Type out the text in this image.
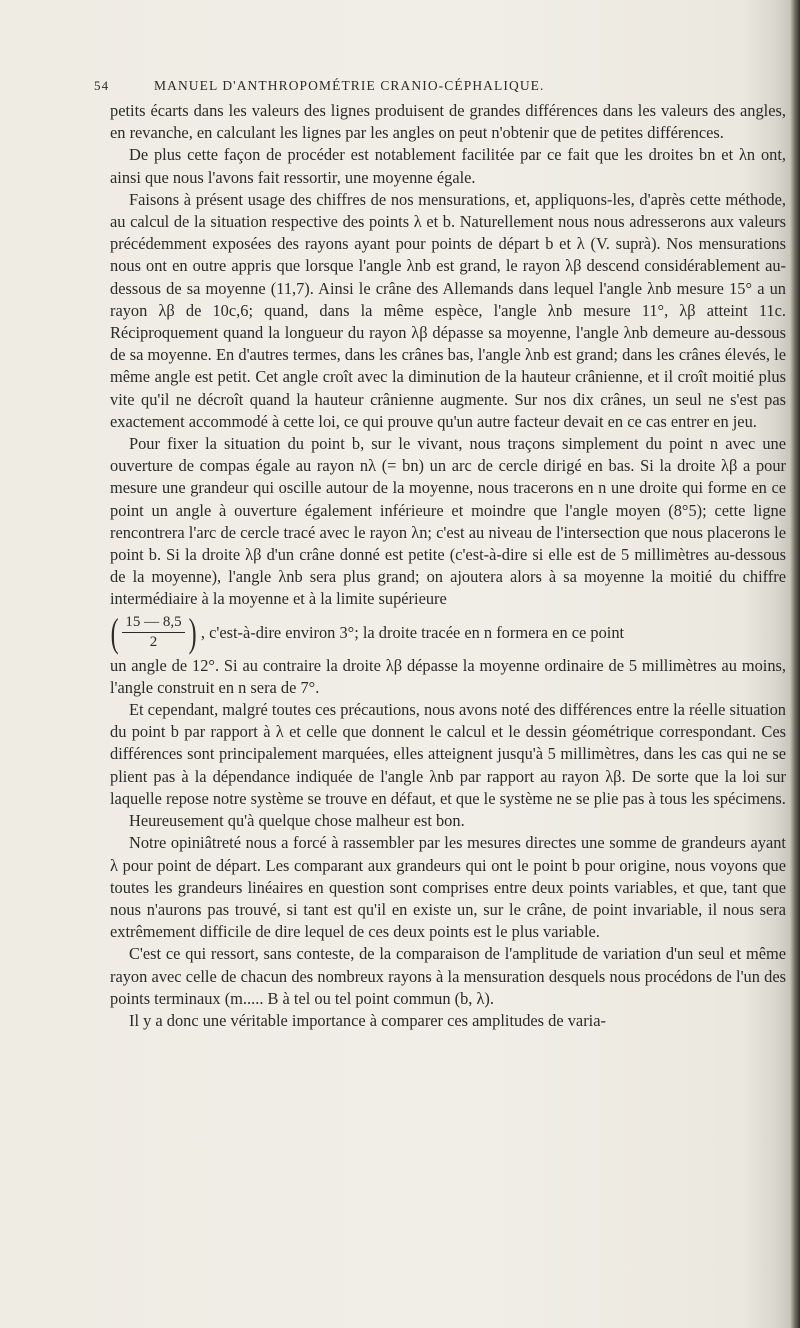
54	MANUEL D'ANTHROPOMÉTRIE CRANIO-CÉPHALIQUE.

petits écarts dans les valeurs des lignes produisent de grandes différences dans les valeurs des angles, en revanche, en calculant les lignes par les angles on peut n'obtenir que de petites différences.

De plus cette façon de procéder est notablement facilitée par ce fait que les droites bn et λn ont, ainsi que nous l'avons fait ressortir, une moyenne égale.

Faisons à présent usage des chiffres de nos mensurations, et, appliquons-les, d'après cette méthode, au calcul de la situation respective des points λ et b. Naturellement nous nous adresserons aux valeurs précédemment exposées des rayons ayant pour points de départ b et λ (V. suprà). Nos mensurations nous ont en outre appris que lorsque l'angle λnb est grand, le rayon λβ descend considérablement au-dessous de sa moyenne (11,7). Ainsi le crâne des Allemands dans lequel l'angle λnb mesure 15° a un rayon λβ de 10c,6; quand, dans la même espèce, l'angle λnb mesure 11°, λβ atteint 11c. Réciproquement quand la longueur du rayon λβ dépasse sa moyenne, l'angle λnb demeure au-dessous de sa moyenne. En d'autres termes, dans les crânes bas, l'angle λnb est grand; dans les crânes élevés, le même angle est petit. Cet angle croît avec la diminution de la hauteur crânienne, et il croît moitié plus vite qu'il ne décroît quand la hauteur crânienne augmente. Sur nos dix crânes, un seul ne s'est pas exactement accommodé à cette loi, ce qui prouve qu'un autre facteur devait en ce cas entrer en jeu.

Pour fixer la situation du point b, sur le vivant, nous traçons simplement du point n avec une ouverture de compas égale au rayon nλ (= bn) un arc de cercle dirigé en bas. Si la droite λβ a pour mesure une grandeur qui oscille autour de la moyenne, nous tracerons en n une droite qui forme en ce point un angle à ouverture également inférieure et moindre que l'angle moyen (8°5); cette ligne rencontrera l'arc de cercle tracé avec le rayon λn; c'est au niveau de l'intersection que nous placerons le point b. Si la droite λβ d'un crâne donné est petite (c'est-à-dire si elle est de 5 millimètres au-dessous de la moyenne), l'angle λnb sera plus grand; on ajoutera alors à sa moyenne la moitié du chiffre intermédiaire à la moyenne et à la limite supérieure

( $\frac{15 — 8,5}{2}$ ) , c'est-à-dire environ 3°; la droite tracée en n formera en ce point

un angle de 12°. Si au contraire la droite λβ dépasse la moyenne ordinaire de 5 millimètres au moins, l'angle construit en n sera de 7°.

Et cependant, malgré toutes ces précautions, nous avons noté des différences entre la réelle situation du point b par rapport à λ et celle que donnent le calcul et le dessin géométrique correspondant. Ces différences sont principalement marquées, elles atteignent jusqu'à 5 millimètres, dans les cas qui ne se plient pas à la dépendance indiquée de l'angle λnb par rapport au rayon λβ. De sorte que la loi sur laquelle repose notre système se trouve en défaut, et que le système ne se plie pas à tous les spécimens.

Heureusement qu'à quelque chose malheur est bon.

Notre opiniâtreté nous a forcé à rassembler par les mesures directes une somme de grandeurs ayant λ pour point de départ. Les comparant aux grandeurs qui ont le point b pour origine, nous voyons que toutes les grandeurs linéaires en question sont comprises entre deux points variables, et que, tant que nous n'aurons pas trouvé, si tant est qu'il en existe un, sur le crâne, de point invariable, il nous sera extrêmement difficile de dire lequel de ces deux points est le plus variable.

C'est ce qui ressort, sans conteste, de la comparaison de l'amplitude de variation d'un seul et même rayon avec celle de chacun des nombreux rayons à la mensuration desquels nous procédons de l'un des points terminaux (m..... B à tel ou tel point commun (b, λ).

Il y a donc une véritable importance à comparer ces amplitudes de varia-
